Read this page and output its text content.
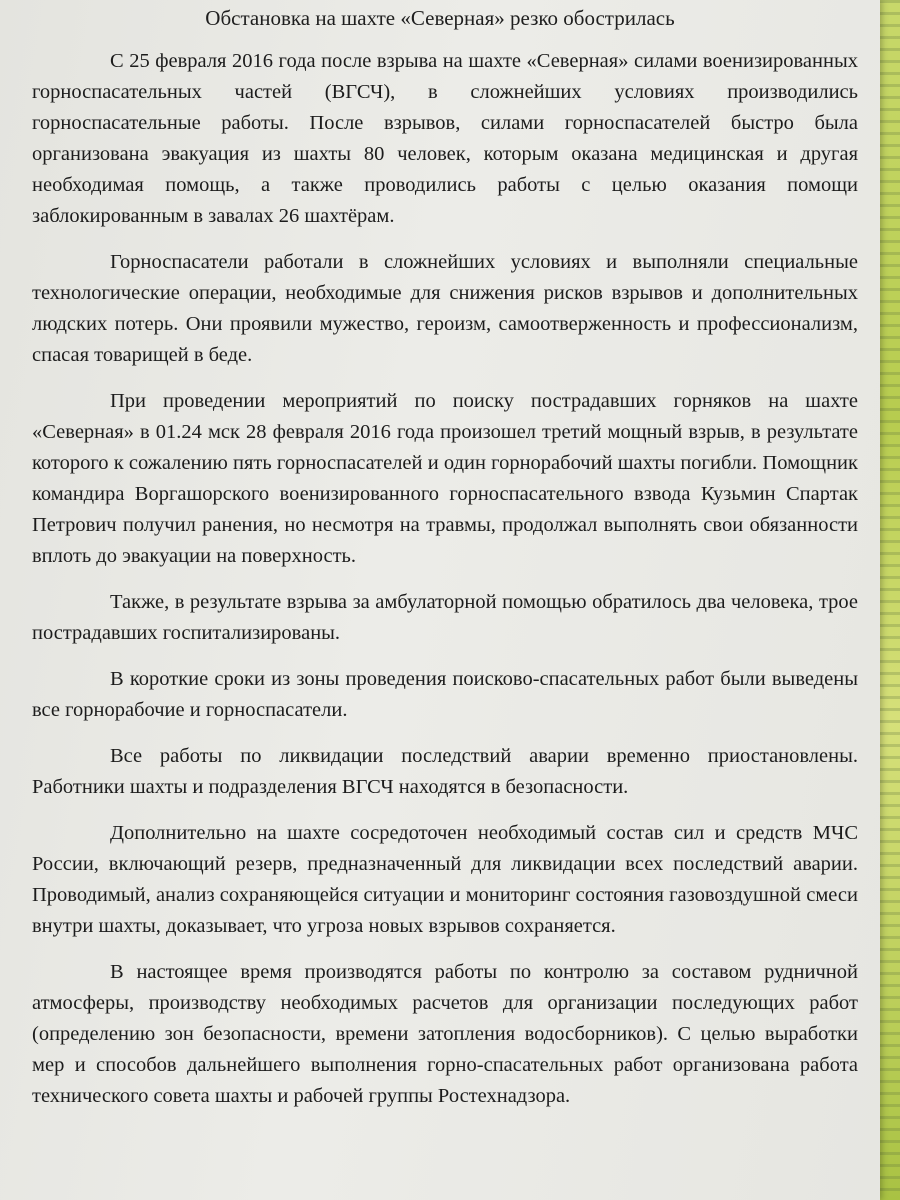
Обстановка на шахте «Северная» резко обострилась

С 25 февраля 2016 года после взрыва на шахте «Северная» силами военизированных горноспасательных частей (ВГСЧ), в сложнейших условиях производились горноспасательные работы. После взрывов, силами горноспасателей быстро была организована эвакуация из шахты 80 человек, которым оказана медицинская и другая необходимая помощь, а также проводились работы с целью оказания помощи заблокированным в завалах 26 шахтёрам.

Горноспасатели работали в сложнейших условиях и выполняли специальные технологические операции, необходимые для снижения рисков взрывов и дополнительных людских потерь. Они проявили мужество, героизм, самоотверженность и профессионализм, спасая товарищей в беде.

При проведении мероприятий по поиску пострадавших горняков на шахте «Северная» в 01.24 мск 28 февраля 2016 года произошел третий мощный взрыв, в результате которого к сожалению пять горноспасателей и один горнорабочий шахты погибли. Помощник командира Воргашорского военизированного горноспасательного взвода Кузьмин Спартак Петрович получил ранения, но несмотря на травмы, продолжал выполнять свои обязанности вплоть до эвакуации на поверхность.

Также, в результате взрыва за амбулаторной помощью обратилось два человека, трое пострадавших госпитализированы.

В короткие сроки из зоны проведения поисково-спасательных работ были выведены все горнорабочие и горноспасатели.

Все работы по ликвидации последствий аварии временно приостановлены. Работники шахты и подразделения ВГСЧ находятся в безопасности.

Дополнительно на шахте сосредоточен необходимый состав сил и средств МЧС России, включающий резерв, предназначенный для ликвидации всех последствий аварии. Проводимый, анализ сохраняющейся ситуации и мониторинг состояния газовоздушной смеси внутри шахты, доказывает, что угроза новых взрывов сохраняется.

В настоящее время производятся работы по контролю за составом рудничной атмосферы, производству необходимых расчетов для организации последующих работ (определению зон безопасности, времени затопления водосборников). С целью выработки мер и способов дальнейшего выполнения горно-спасательных работ организована работа технического совета шахты и рабочей группы Ростехнадзора.
